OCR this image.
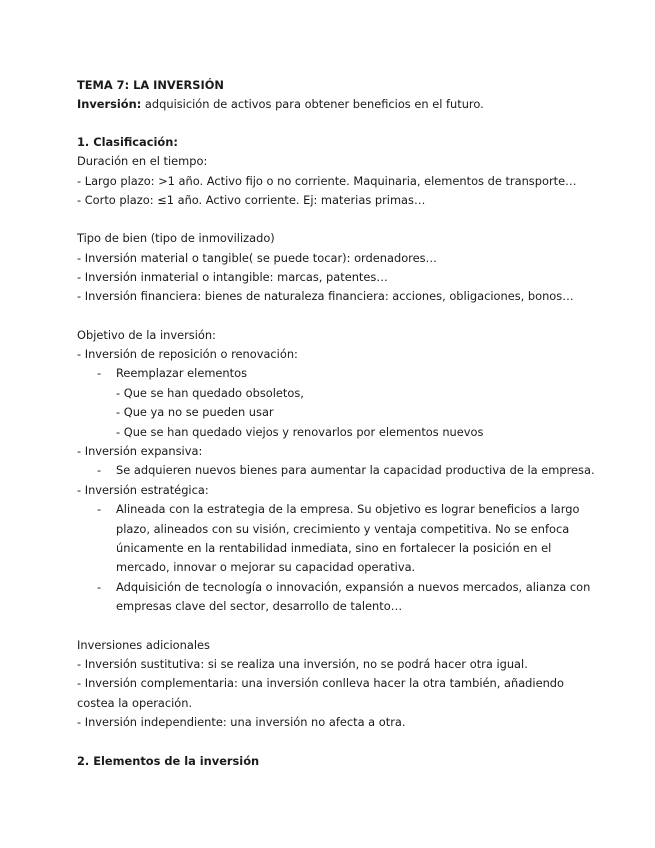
TEMA 7: LA INVERSIÓN
Inversión: adquisición de activos para obtener beneficios en el futuro.
1. Clasificación:
Duración en el tiempo:
- Largo plazo: >1 año. Activo fijo o no corriente. Maquinaria, elementos de transporte…
- Corto plazo: ≤1 año. Activo corriente. Ej: materias primas…
Tipo de bien (tipo de inmovilizado)
- Inversión material o tangible( se puede tocar): ordenadores…
- Inversión inmaterial o intangible: marcas, patentes…
- Inversión financiera: bienes de naturaleza financiera: acciones, obligaciones, bonos…
Objetivo de la inversión:
- Inversión de reposición o renovación:
- Reemplazar elementos
- Que se han quedado obsoletos,
- Que ya no se pueden usar
- Que se han quedado viejos y renovarlos por elementos nuevos
- Inversión expansiva:
- Se adquieren nuevos bienes para aumentar la capacidad productiva de la empresa.
- Inversión estratégica:
- Alineada con la estrategia de la empresa. Su objetivo es lograr beneficios a largo
plazo, alineados con su visión, crecimiento y ventaja competitiva. No se enfoca
únicamente en la rentabilidad inmediata, sino en fortalecer la posición en el
mercado, innovar o mejorar su capacidad operativa.
- Adquisición de tecnología o innovación, expansión a nuevos mercados, alianza con
empresas clave del sector, desarrollo de talento…
Inversiones adicionales
- Inversión sustitutiva: si se realiza una inversión, no se podrá hacer otra igual.
- Inversión complementaria: una inversión conlleva hacer la otra también, añadiendo
costea la operación.
- Inversión independiente: una inversión no afecta a otra.
2. Elementos de la inversión
